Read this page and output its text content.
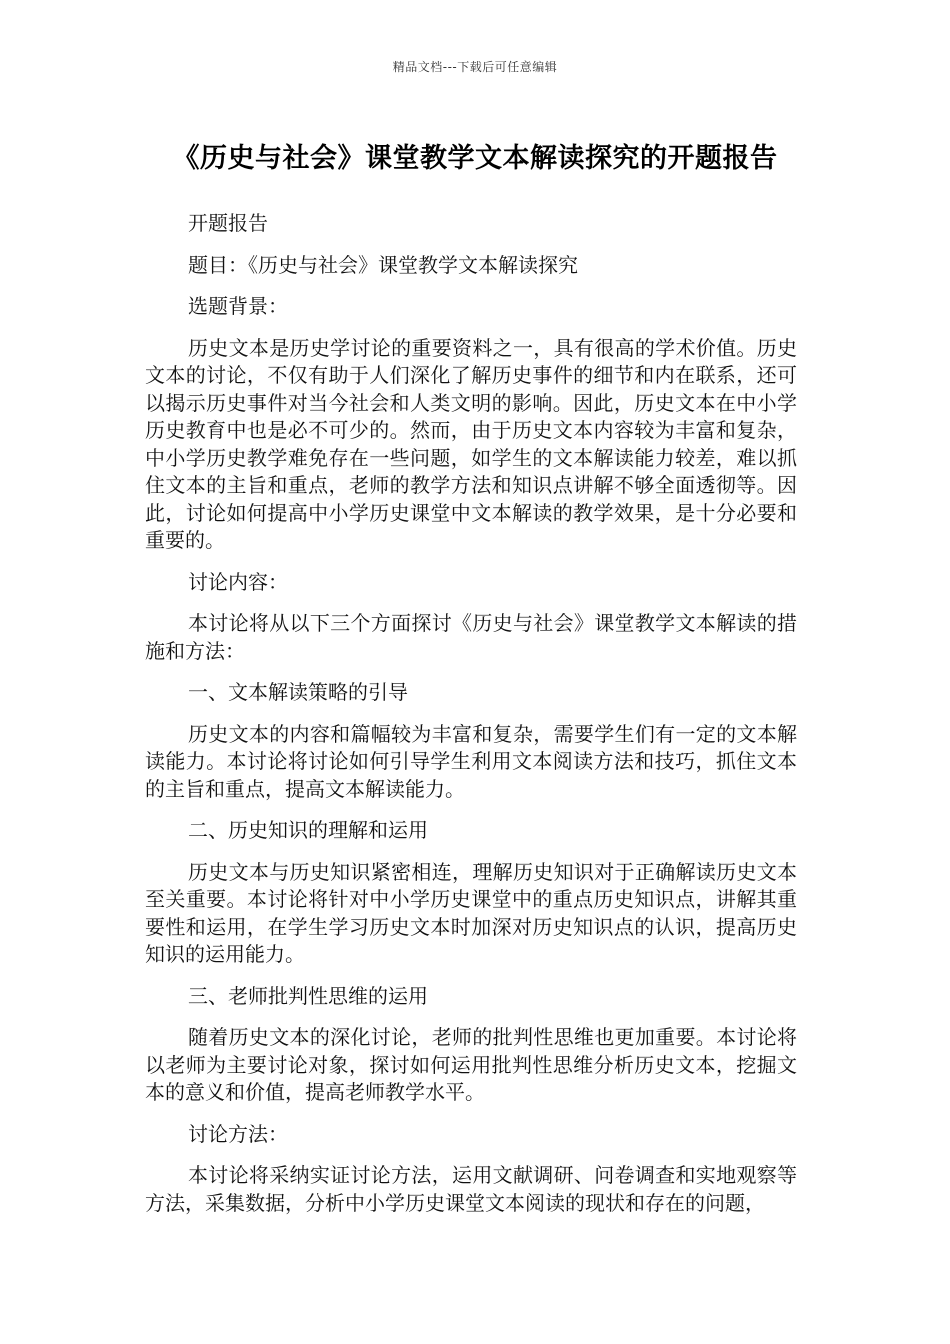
精品文档---下载后可任意编辑
《历史与社会》课堂教学文本解读探究的开题报告

开题报告

题目：《历史与社会》课堂教学文本解读探究

选题背景：

历史文本是历史学讨论的重要资料之一，具有很高的学术价值。历史文本的讨论，不仅有助于人们深化了解历史事件的细节和内在联系，还可以揭示历史事件对当今社会和人类文明的影响。因此，历史文本在中小学历史教育中也是必不可少的。然而，由于历史文本内容较为丰富和复杂，中小学历史教学难免存在一些问题，如学生的文本解读能力较差，难以抓住文本的主旨和重点，老师的教学方法和知识点讲解不够全面透彻等。因此，讨论如何提高中小学历史课堂中文本解读的教学效果，是十分必要和重要的。

讨论内容：

本讨论将从以下三个方面探讨《历史与社会》课堂教学文本解读的措施和方法：

一、文本解读策略的引导

历史文本的内容和篇幅较为丰富和复杂，需要学生们有一定的文本解读能力。本讨论将讨论如何引导学生利用文本阅读方法和技巧，抓住文本的主旨和重点，提高文本解读能力。

二、历史知识的理解和运用

历史文本与历史知识紧密相连，理解历史知识对于正确解读历史文本至关重要。本讨论将针对中小学历史课堂中的重点历史知识点，讲解其重要性和运用，在学生学习历史文本时加深对历史知识点的认识，提高历史知识的运用能力。

三、老师批判性思维的运用

随着历史文本的深化讨论，老师的批判性思维也更加重要。本讨论将以老师为主要讨论对象，探讨如何运用批判性思维分析历史文本，挖掘文本的意义和价值，提高老师教学水平。

讨论方法：

本讨论将采纳实证讨论方法，运用文献调研、问卷调查和实地观察等方法，采集数据，分析中小学历史课堂文本阅读的现状和存在的问题，
